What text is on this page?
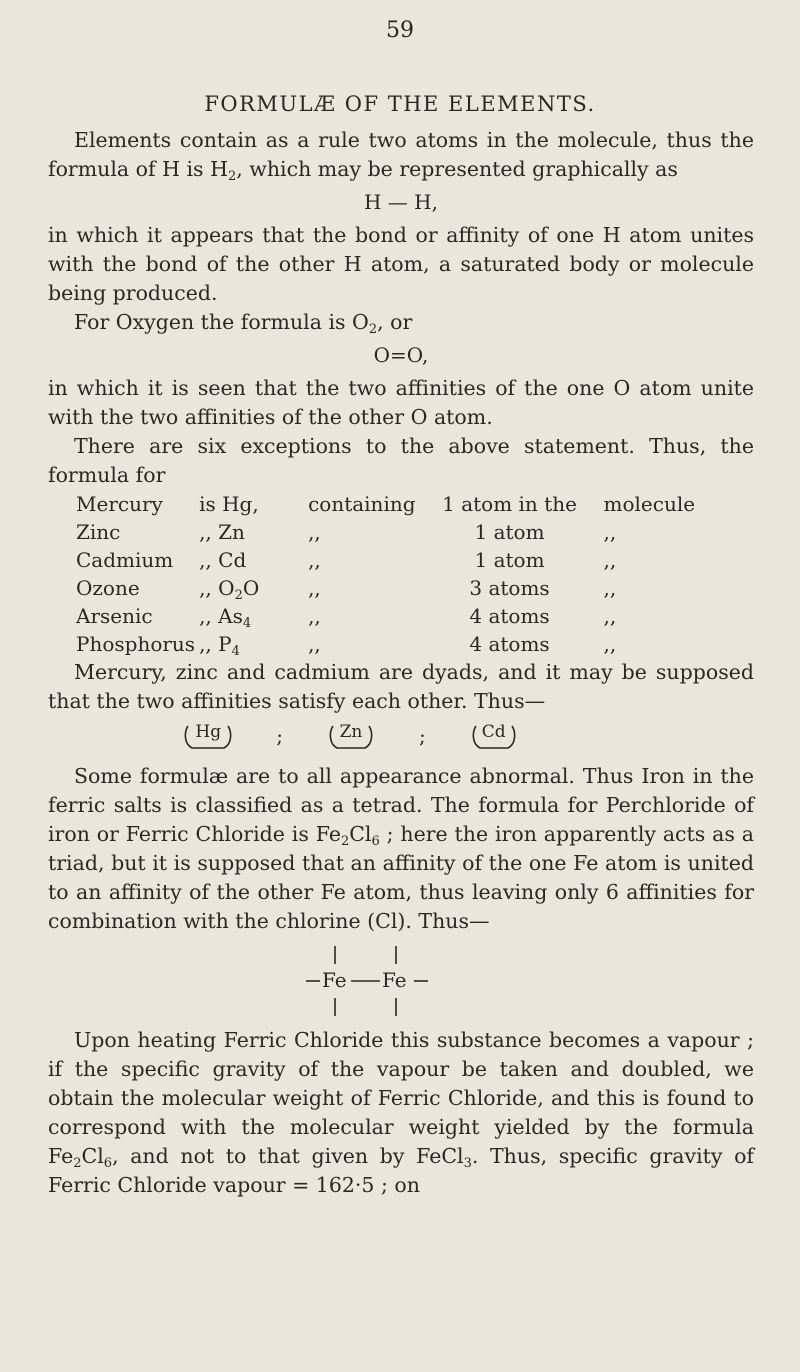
59
FORMULÆ OF THE ELEMENTS.

Elements contain as a rule two atoms in the molecule, thus the formula of H is $H_2$, which may be represented graphically as

H — H,

in which it appears that the bond or affinity of one H atom unites with the bond of the other H atom, a saturated body or molecule being produced.

For Oxygen the formula is $O_2$, or

O=O,

in which it is seen that the two affinities of the one O atom unite with the two affinities of the other O atom.

There are six exceptions to the above statement. Thus, the formula for

Mercury	is Hg,	containing	1 atom in the	molecule
Zinc	,, Zn	,,	1 atom	,,
Cadmium	,, Cd	,,	1 atom	,,
Ozone	,, $O_2O$	,,	3 atoms	,,
Arsenic	,, $As_4$	,,	4 atoms	,,
Phosphorus	,, $P_4$	,,	4 atoms	,,

Mercury, zinc and cadmium are dyads, and it may be supposed that the two affinities satisfy each other. Thus—

Hg	;	Zn	;	Cd

Some formulæ are to all appearance abnormal. Thus Iron in the ferric salts is classified as a tetrad. The formula for Perchloride of iron or Ferric Chloride is $Fe_2Cl_6$ ; here the iron apparently acts as a triad, but it is supposed that an affinity of the one Fe atom is united to an affinity of the other Fe atom, thus leaving only 6 affinities for combination with the chlorine (Cl). Thus—

Fe Fe

Upon heating Ferric Chloride this substance becomes a vapour ; if the specific gravity of the vapour be taken and doubled, we obtain the molecular weight of Ferric Chloride, and this is found to correspond with the molecular weight yielded by the formula $Fe_2Cl_6$, and not to that given by FeCl$_3$. Thus, specific gravity of Ferric Chloride vapour = 162·5 ; on
